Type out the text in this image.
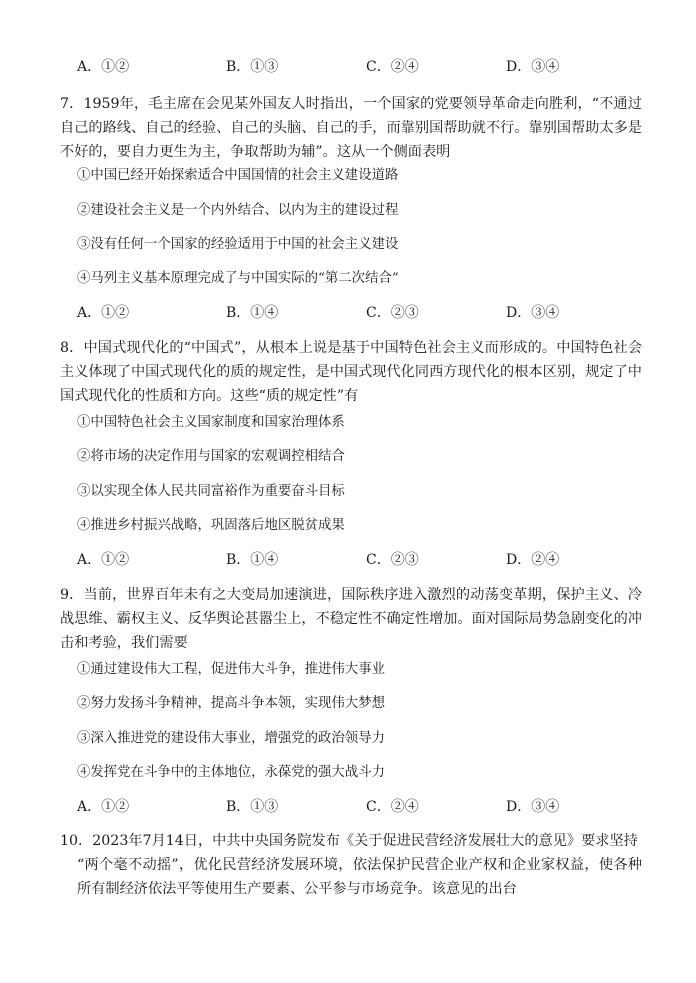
A．①②	B．①③	C．②④	D．③④

7．1959年，毛主席在会见某外国友人时指出，一个国家的党要领导革命走向胜利，“不通过自己的路线、自己的经验、自己的头脑、自己的手，而靠别国帮助就不行。靠别国帮助太多是不好的，要自力更生为主，争取帮助为辅”。这从一个侧面表明

①中国已经开始探索适合中国国情的社会主义建设道路
②建设社会主义是一个内外结合、以内为主的建设过程
③没有任何一个国家的经验适用于中国的社会主义建设
④马列主义基本原理完成了与中国实际的“第二次结合”
A．①②	B．①④	C．②③	D．③④

8．中国式现代化的“中国式”，从根本上说是基于中国特色社会主义而形成的。中国特色社会主义体现了中国式现代化的质的规定性，是中国式现代化同西方现代化的根本区别，规定了中国式现代化的性质和方向。这些“质的规定性”有

①中国特色社会主义国家制度和国家治理体系
②将市场的决定作用与国家的宏观调控相结合
③以实现全体人民共同富裕作为重要奋斗目标
④推进乡村振兴战略，巩固落后地区脱贫成果
A．①②	B．①④	C．②③	D．②④

9．当前，世界百年未有之大变局加速演进，国际秩序进入激烈的动荡变革期，保护主义、冷战思维、霸权主义、反华舆论甚嚣尘上，不稳定性不确定性增加。面对国际局势急剧变化的冲击和考验，我们需要

①通过建设伟大工程，促进伟大斗争，推进伟大事业
②努力发扬斗争精神，提高斗争本领，实现伟大梦想
③深入推进党的建设伟大事业，增强党的政治领导力
④发挥党在斗争中的主体地位，永葆党的强大战斗力
A．①②	B．①③	C．②④	D．③④

10．2023年7月14日，中共中央国务院发布《关于促进民营经济发展壮大的意见》要求坚持

“两个毫不动摇”，优化民营经济发展环境，依法保护民营企业产权和企业家权益，使各种所有制经济依法平等使用生产要素、公平参与市场竞争。该意见的出台
